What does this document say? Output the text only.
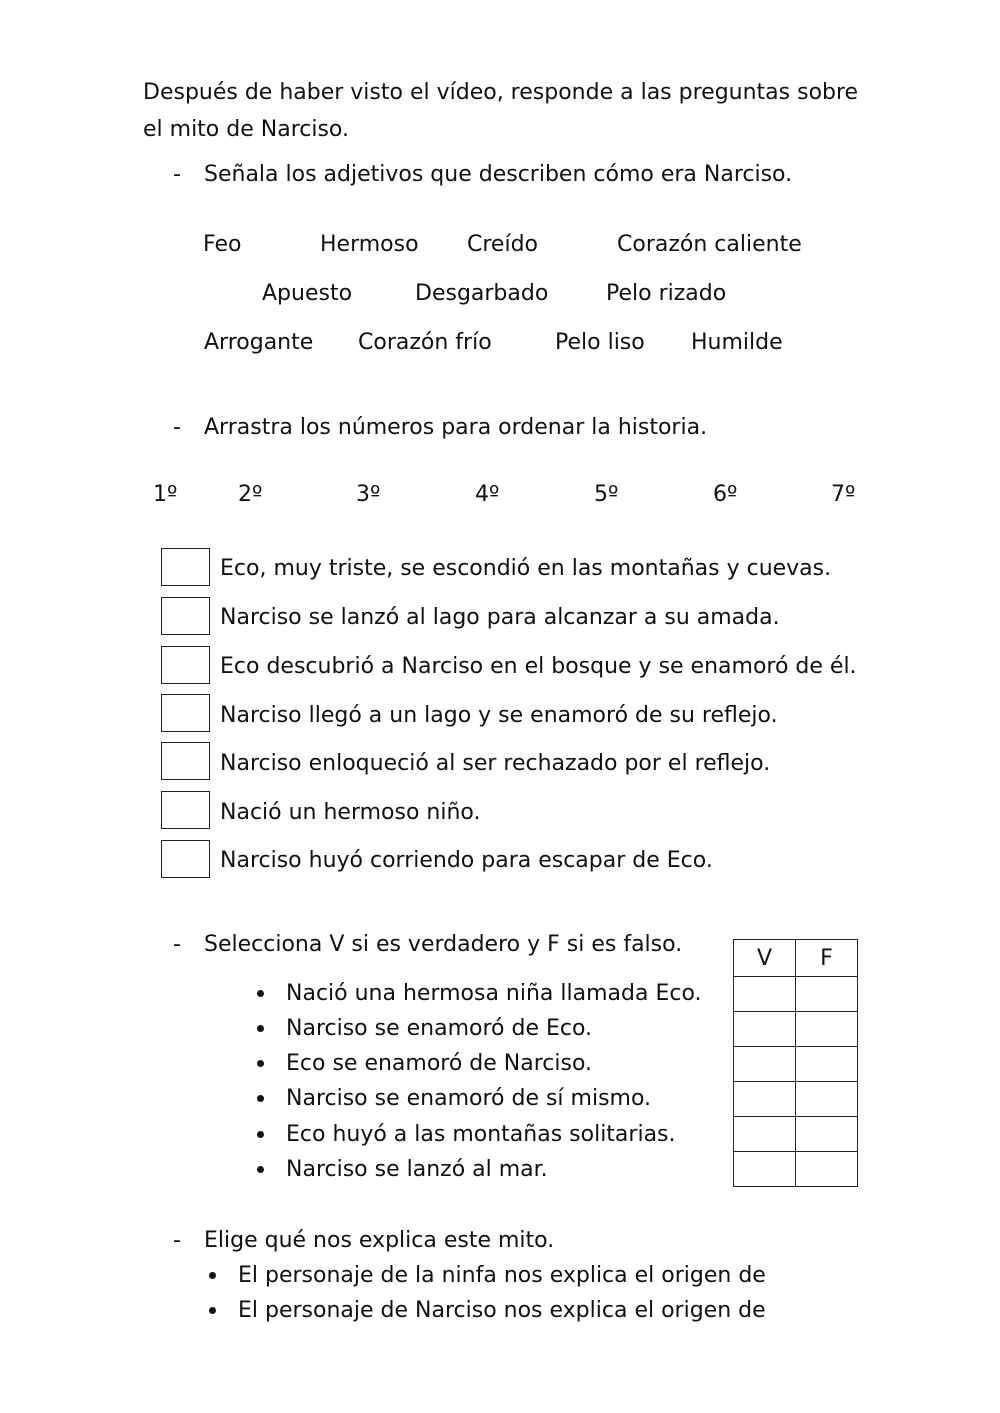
Después de haber visto el vídeo, responde a las preguntas sobre el mito de Narciso.
- Señala los adjetivos que describen cómo era Narciso.
Feo	Hermoso Creído	Corazón caliente
Apuesto	Desgarbado	Pelo rizado
Arrogante Corazón frío	Pelo liso Humilde
- Arrastra los números para ordenar la historia.
1º	2º	3º	4º	5º	6º	7º
Eco, muy triste, se escondió en las montañas y cuevas.
Narciso se lanzó al lago para alcanzar a su amada.
Eco descubrió a Narciso en el bosque y se enamoró de él.
Narciso llegó a un lago y se enamoró de su reflejo.
Narciso enloqueció al ser rechazado por el reflejo.
Nació un hermoso niño.
Narciso huyó corriendo para escapar de Eco.
- Selecciona V si es verdadero y F si es falso.
Nació una hermosa niña llamada Eco.
Narciso se enamoró de Eco.
Eco se enamoró de Narciso.
Narciso se enamoró de sí mismo.
Eco huyó a las montañas solitarias.
Narciso se lanzó al mar.
V	F

- Elige qué nos explica este mito.
El personaje de la ninfa nos explica el origen de
El personaje de Narciso nos explica el origen de
